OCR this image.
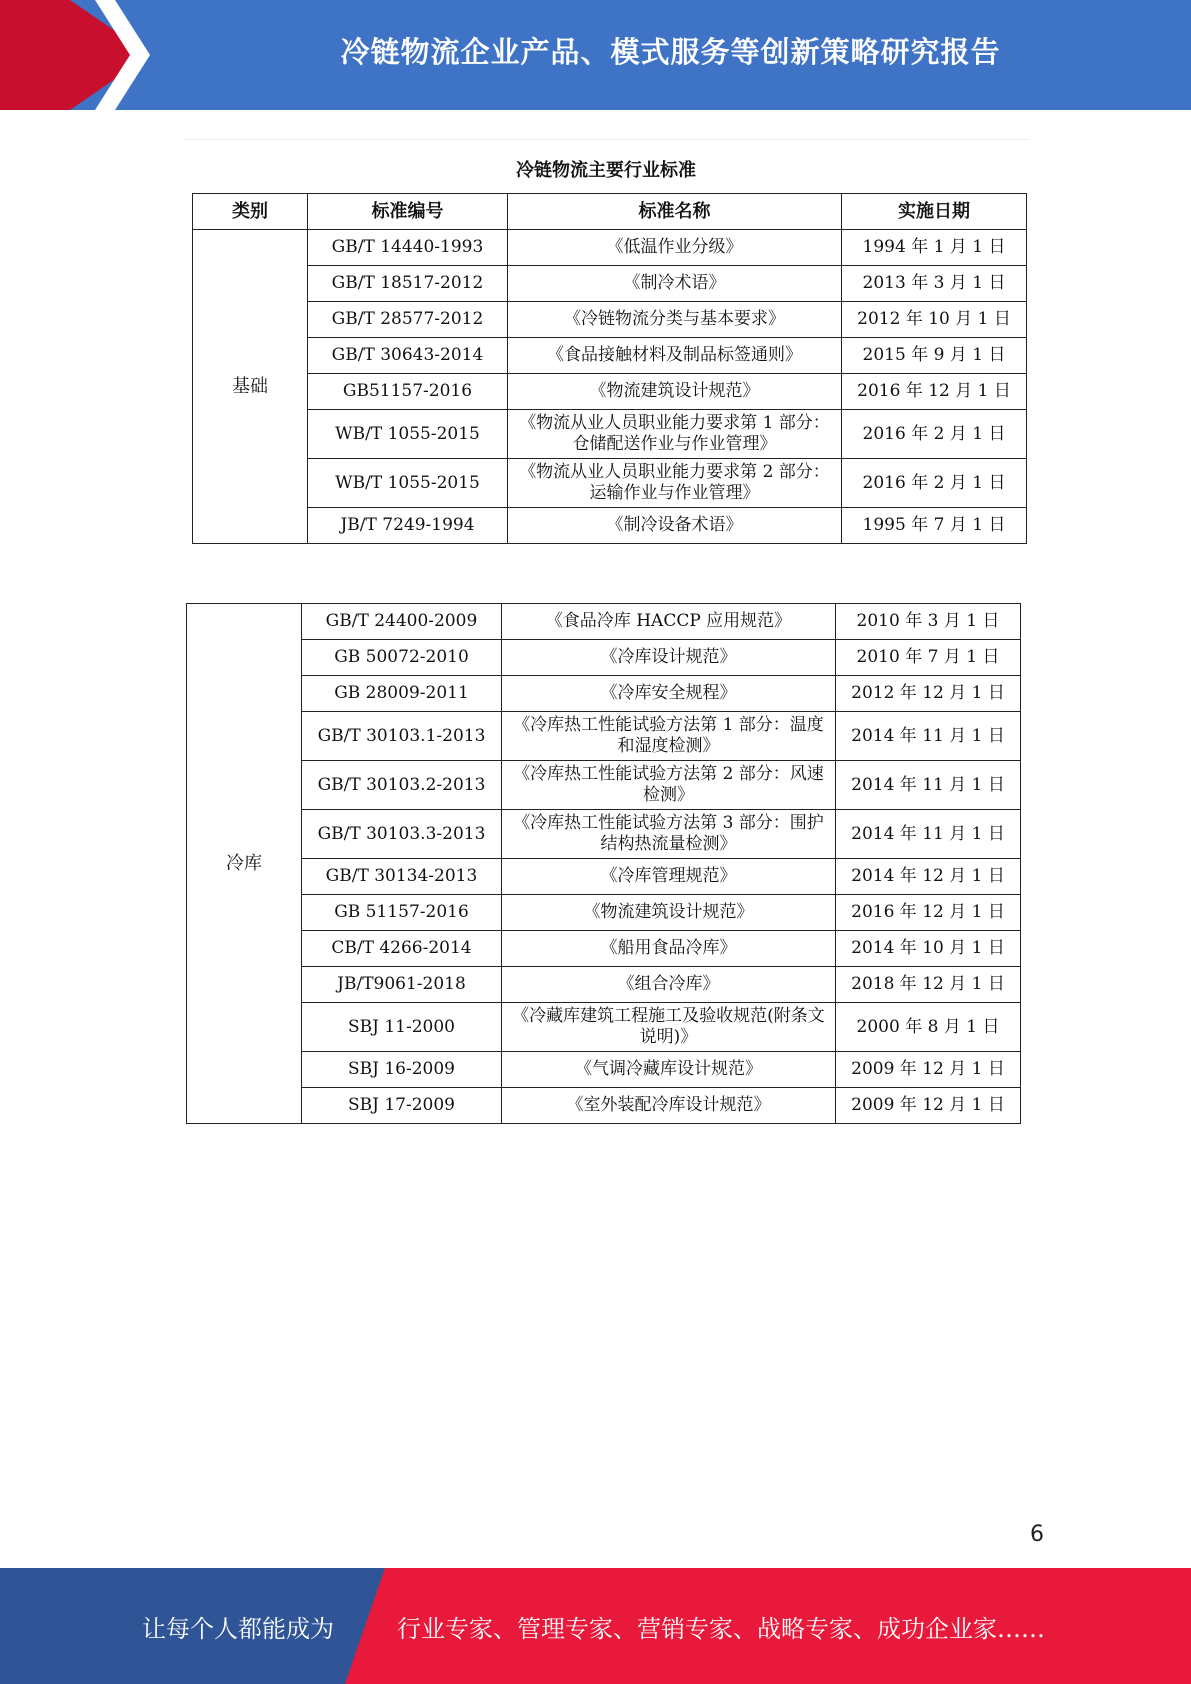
冷链物流企业产品、模式服务等创新策略研究报告
冷链物流主要行业标准
类别	标准编号	标准名称	实施日期
基础	GB/T 14440-1993	《低温作业分级》	1994 年 1 月 1 日
	GB/T 18517-2012	《制冷术语》	2013 年 3 月 1 日
	GB/T 28577-2012	《冷链物流分类与基本要求》	2012 年 10 月 1 日
	GB/T 30643-2014	《食品接触材料及制品标签通则》	2015 年 9 月 1 日
	GB51157-2016	《物流建筑设计规范》	2016 年 12 月 1 日
	WB/T 1055-2015	《物流从业人员职业能力要求第 1 部分：仓储配送作业与作业管理》	2016 年 2 月 1 日
	WB/T 1055-2015	《物流从业人员职业能力要求第 2 部分：运输作业与作业管理》	2016 年 2 月 1 日
	JB/T 7249-1994	《制冷设备术语》	1995 年 7 月 1 日
冷库	GB/T 24400-2009	《食品冷库 HACCP 应用规范》	2010 年 3 月 1 日
	GB 50072-2010	《冷库设计规范》	2010 年 7 月 1 日
	GB 28009-2011	《冷库安全规程》	2012 年 12 月 1 日
	GB/T 30103.1-2013	《冷库热工性能试验方法第 1 部分：温度和湿度检测》	2014 年 11 月 1 日
	GB/T 30103.2-2013	《冷库热工性能试验方法第 2 部分：风速检测》	2014 年 11 月 1 日
	GB/T 30103.3-2013	《冷库热工性能试验方法第 3 部分：围护结构热流量检测》	2014 年 11 月 1 日
	GB/T 30134-2013	《冷库管理规范》	2014 年 12 月 1 日
	GB 51157-2016	《物流建筑设计规范》	2016 年 12 月 1 日
	CB/T 4266-2014	《船用食品冷库》	2014 年 10 月 1 日
	JB/T9061-2018	《组合冷库》	2018 年 12 月 1 日
	SBJ 11-2000	《冷藏库建筑工程施工及验收规范(附条文说明)》	2000 年 8 月 1 日
	SBJ 16-2009	《气调冷藏库设计规范》	2009 年 12 月 1 日
	SBJ 17-2009	《室外装配冷库设计规范》	2009 年 12 月 1 日
6
让每个人都能成为	行业专家、管理专家、营销专家、战略专家、成功企业家……
